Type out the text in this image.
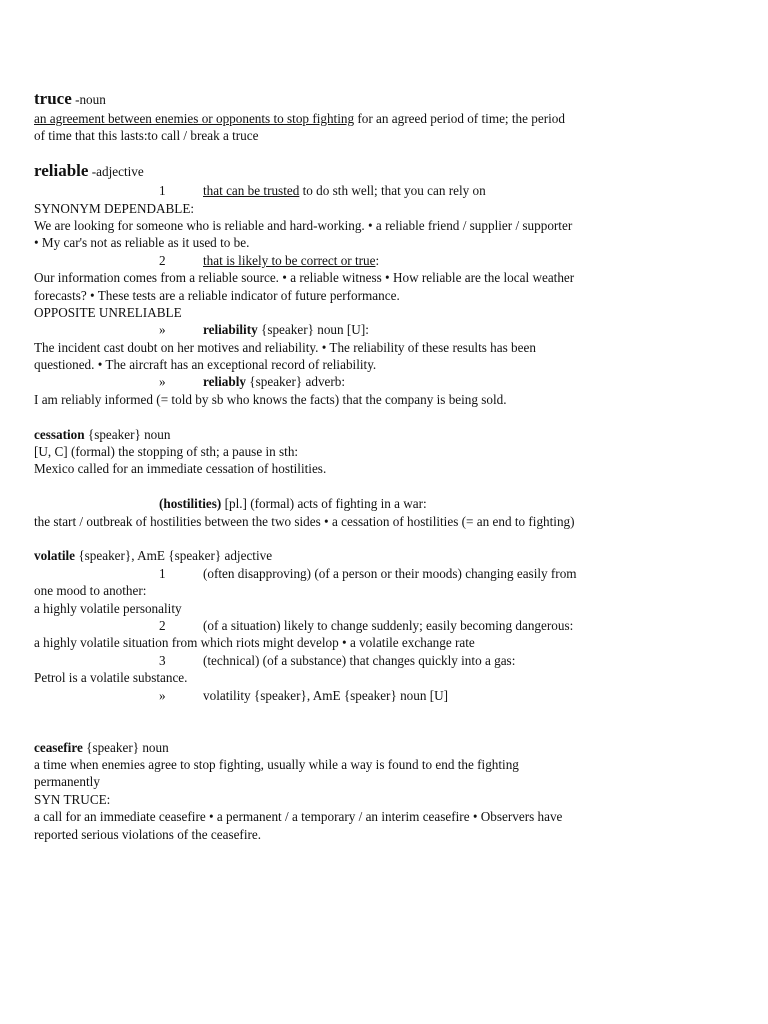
truce -noun
an agreement between enemies or opponents to stop fighting for an agreed period of time; the period
of time that this lasts:to call / break a truce
reliable -adjective
1	that can be trusted to do sth well; that you can rely on
SYNONYM DEPENDABLE:
We are looking for someone who is reliable and hard-working. • a reliable friend / supplier / supporter
• My car's not as reliable as it used to be.
2	that is likely to be correct or true:
Our information comes from a reliable source. • a reliable witness • How reliable are the local weather
forecasts? • These tests are a reliable indicator of future performance.
OPPOSITE UNRELIABLE
»	reliability {speaker} noun [U]:
The incident cast doubt on her motives and reliability. • The reliability of these results has been
questioned. • The aircraft has an exceptional record of reliability.
»	reliably {speaker} adverb:
I am reliably informed (= told by sb who knows the facts) that the company is being sold.
cessation {speaker} noun
[U, C] (formal) the stopping of sth; a pause in sth:
Mexico called for an immediate cessation of hostilities.
(hostilities) [pl.] (formal) acts of fighting in a war:
the start / outbreak of hostilities between the two sides • a cessation of hostilities (= an end to fighting)
volatile {speaker}, AmE {speaker} adjective
1	(often disapproving) (of a person or their moods) changing easily from
one mood to another:
a highly volatile personality
2	(of a situation) likely to change suddenly; easily becoming dangerous:
a highly volatile situation from which riots might develop • a volatile exchange rate
3	(technical) (of a substance) that changes quickly into a gas:
Petrol is a volatile substance.
»	volatility {speaker}, AmE {speaker} noun [U]
ceasefire {speaker} noun
a time when enemies agree to stop fighting, usually while a way is found to end the fighting
permanently
SYN TRUCE:
a call for an immediate ceasefire • a permanent / a temporary / an interim ceasefire • Observers have
reported serious violations of the ceasefire.
